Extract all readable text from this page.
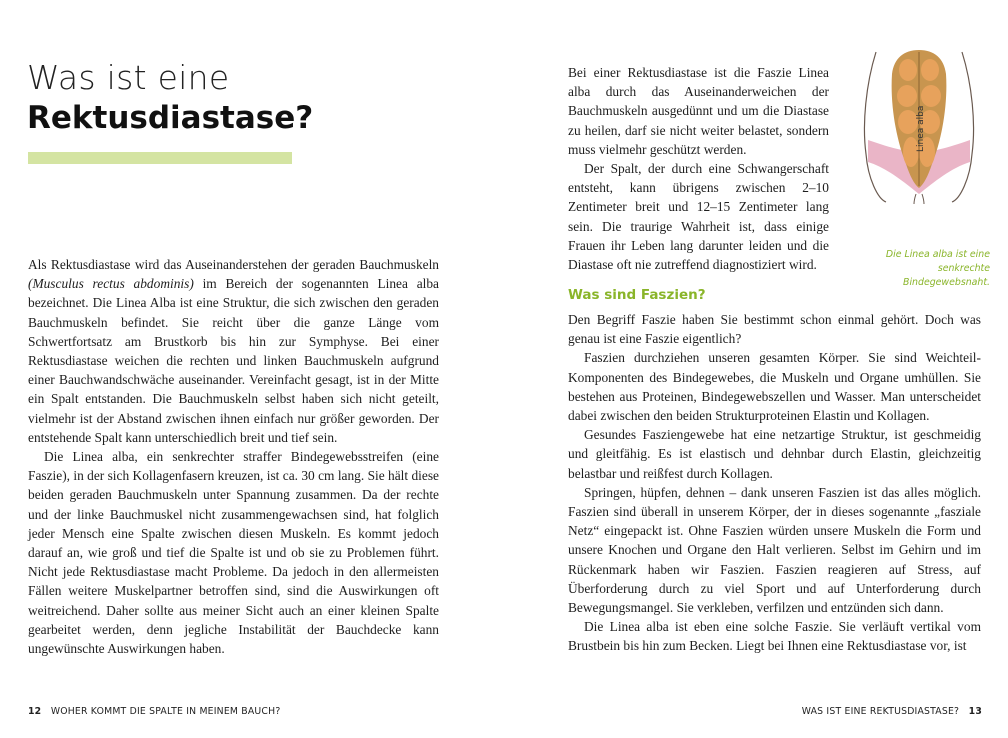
Was ist eine
Rektusdiastase?

Als Rektusdiastase wird das Auseinanderstehen der geraden Bauchmuskeln (Musculus rectus abdominis) im Bereich der sogenannten Linea alba bezeichnet. Die Linea Alba ist eine Struktur, die sich zwischen den geraden Bauchmuskeln befindet. Sie reicht über die ganze Länge vom Schwertfortsatz am Brustkorb bis hin zur Symphyse. Bei einer Rektusdiastase weichen die rechten und linken Bauchmuskeln aufgrund einer Bauchwandschwäche auseinander. Vereinfacht gesagt, ist in der Mitte ein Spalt entstanden. Die Bauchmuskeln selbst haben sich nicht geteilt, vielmehr ist der Abstand zwischen ihnen einfach nur größer geworden. Der entstehende Spalt kann unterschiedlich breit und tief sein.

Die Linea alba, ein senkrechter straffer Bindegewebsstreifen (eine Faszie), in der sich Kollagenfasern kreuzen, ist ca. 30 cm lang. Sie hält diese beiden geraden Bauchmuskeln unter Spannung zusammen. Da der rechte und der linke Bauchmuskel nicht zusammengewachsen sind, hat folglich jeder Mensch eine Spalte zwischen diesen Muskeln. Es kommt jedoch darauf an, wie groß und tief die Spalte ist und ob sie zu Problemen führt. Nicht jede Rektusdiastase macht Probleme. Da jedoch in den allermeisten Fällen weitere Muskelpartner betroffen sind, sind die Auswirkungen oft weitreichend. Daher sollte aus meiner Sicht auch an einer kleinen Spalte gearbeitet werden, denn jegliche Instabilität der Bauchdecke kann ungewünschte Auswirkungen haben.

12 WOHER KOMMT DIE SPALTE IN MEINEM BAUCH?

Bei einer Rektusdiastase ist die Faszie Linea alba durch das Auseinanderweichen der Bauchmuskeln ausgedünnt und um die Diastase zu heilen, darf sie nicht weiter belastet, sondern muss vielmehr geschützt werden.

Der Spalt, der durch eine Schwangerschaft entsteht, kann übrigens zwischen 2–10 Zentimeter breit und 12–15 Zentimeter lang sein. Die traurige Wahrheit ist, dass einige Frauen ihr Leben lang darunter leiden und die Diastase oft nie zutreffend diagnostiziert wird.

Linea alba
Die Linea alba ist eine senkrechte Bindegewebsnaht.
Was sind Faszien?

Den Begriff Faszie haben Sie bestimmt schon einmal gehört. Doch was genau ist eine Faszie eigentlich?

Faszien durchziehen unseren gesamten Körper. Sie sind Weichteil-Komponenten des Bindegewebes, die Muskeln und Organe umhüllen. Sie bestehen aus Proteinen, Bindegewebszellen und Wasser. Man unterscheidet dabei zwischen den beiden Strukturproteinen Elastin und Kollagen.

Gesundes Fasziengewebe hat eine netzartige Struktur, ist geschmeidig und gleitfähig. Es ist elastisch und dehnbar durch Elastin, gleichzeitig belastbar und reißfest durch Kollagen.

Springen, hüpfen, dehnen – dank unseren Faszien ist das alles möglich. Faszien sind überall in unserem Körper, der in dieses sogenannte „fasziale Netz“ eingepackt ist. Ohne Faszien würden unsere Muskeln die Form und unsere Knochen und Organe den Halt verlieren. Selbst im Gehirn und im Rückenmark haben wir Faszien. Faszien reagieren auf Stress, auf Überforderung durch zu viel Sport und auf Unterforderung durch Bewegungsmangel. Sie verkleben, verfilzen und entzünden sich dann.

Die Linea alba ist eben eine solche Faszie. Sie verläuft vertikal vom Brustbein bis hin zum Becken. Liegt bei Ihnen eine Rektusdiastase vor, ist

WAS IST EINE REKTUSDIASTASE? 13
